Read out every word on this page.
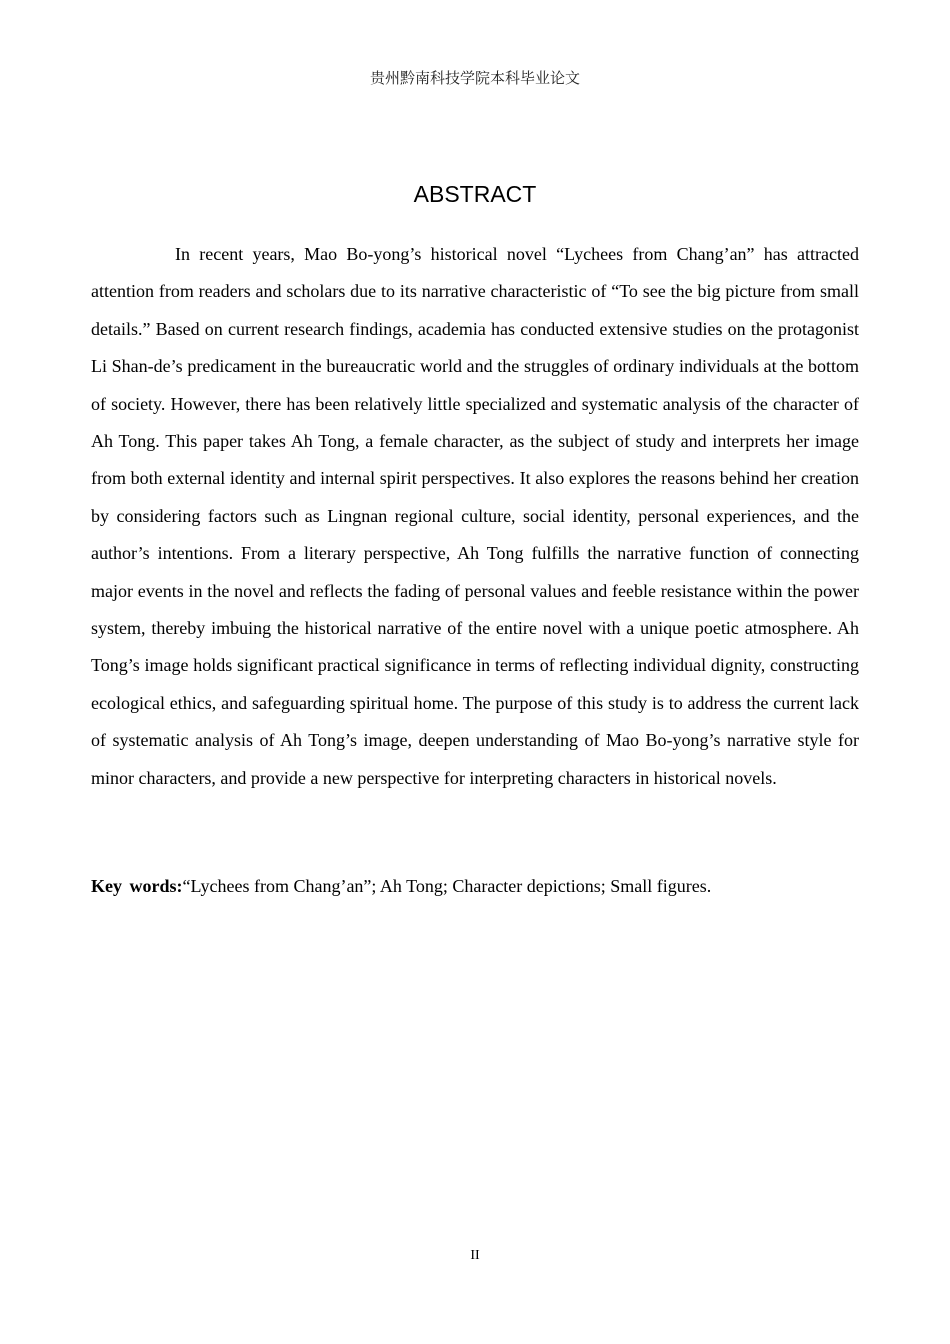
贵州黔南科技学院本科毕业论文
ABSTRACT

In recent years, Mao Bo-yong’s historical novel “Lychees from Chang’an” has attracted attention from readers and scholars due to its narrative characteristic of “To see the big picture from small details.” Based on current research findings, academia has conducted extensive studies on the protagonist Li Shan-de’s predicament in the bureaucratic world and the struggles of ordinary individuals at the bottom of society. However, there has been relatively little specialized and systematic analysis of the character of Ah Tong. This paper takes Ah Tong, a female character, as the subject of study and interprets her image from both external identity and internal spirit perspectives. It also explores the reasons behind her creation by considering factors such as Lingnan regional culture, social identity, personal experiences, and the author’s intentions. From a literary perspective, Ah Tong fulfills the narrative function of connecting major events in the novel and reflects the fading of personal values and feeble resistance within the power system, thereby imbuing the historical narrative of the entire novel with a unique poetic atmosphere. Ah Tong’s image holds significant practical significance in terms of reflecting individual dignity, constructing ecological ethics, and safeguarding spiritual home. The purpose of this study is to address the current lack of systematic analysis of Ah Tong’s image, deepen understanding of Mao Bo-yong’s narrative style for minor characters, and provide a new perspective for interpreting characters in historical novels.

Key words:“Lychees from Chang’an”; Ah Tong; Character depictions; Small figures.
II
